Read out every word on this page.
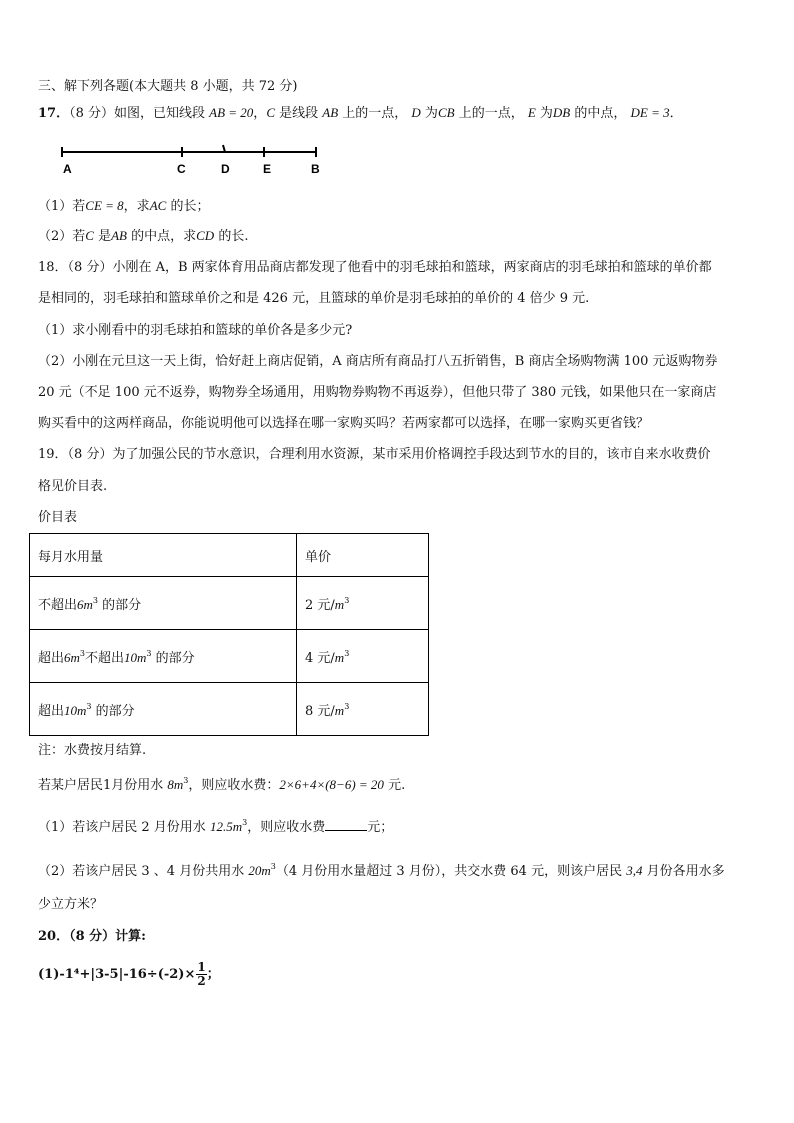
三、解下列各题(本大题共 8 小题，共 72 分)
17．（8 分）如图，已知线段 AB = 20，C 是线段 AB 上的一点， D 为CB 上的一点， E 为DB 的中点， DE = 3．
A	C	D	E	B
（1）若CE = 8，求AC 的长；
（2）若C 是AB 的中点，求CD 的长.
18．（8 分）小刚在 A，B 两家体育用品商店都发现了他看中的羽毛球拍和篮球，两家商店的羽毛球拍和篮球的单价都
是相同的，羽毛球拍和篮球单价之和是 426 元，且篮球的单价是羽毛球拍的单价的 4 倍少 9 元.
（1）求小刚看中的羽毛球拍和篮球的单价各是多少元?
（2）小刚在元旦这一天上街，恰好赶上商店促销，A 商店所有商品打八五折销售，B 商店全场购物满 100 元返购物券
20 元（不足 100 元不返券，购物券全场通用，用购物券购物不再返券），但他只带了 380 元钱，如果他只在一家商店
购买看中的这两样商品，你能说明他可以选择在哪一家购买吗？若两家都可以选择，在哪一家购买更省钱？
19．（8 分）为了加强公民的节水意识，合理利用水资源，某市采用价格调控手段达到节水的目的，该市自来水收费价
格见价目表.
价目表
每月水用量	单价
不超出$6m^3$ 的部分	2 元$/m^3$
超出$6m^3$不超出$10m^3$ 的部分	4 元$/m^3$
超出$10m^3$ 的部分	8 元$/m^3$
注：水费按月结算.
若某户居民1月份用水 $8m^3$，则应收水费：2×6+4×(8−6) = 20 元.
（1）若该户居民 2 月份用水 $12.5m^3$，则应收水费	元；
（2）若该户居民 3 、4 月份共用水 $20m^3(4$ 月份用水量超过 3 月份），共交水费 64 元，则该户居民 3,4 月份各用水多
少立方米？
20．（8 分）计算:
$(1)-1^4+|3-5|-16\div(-2)\times \frac{1}{2}$ ；
